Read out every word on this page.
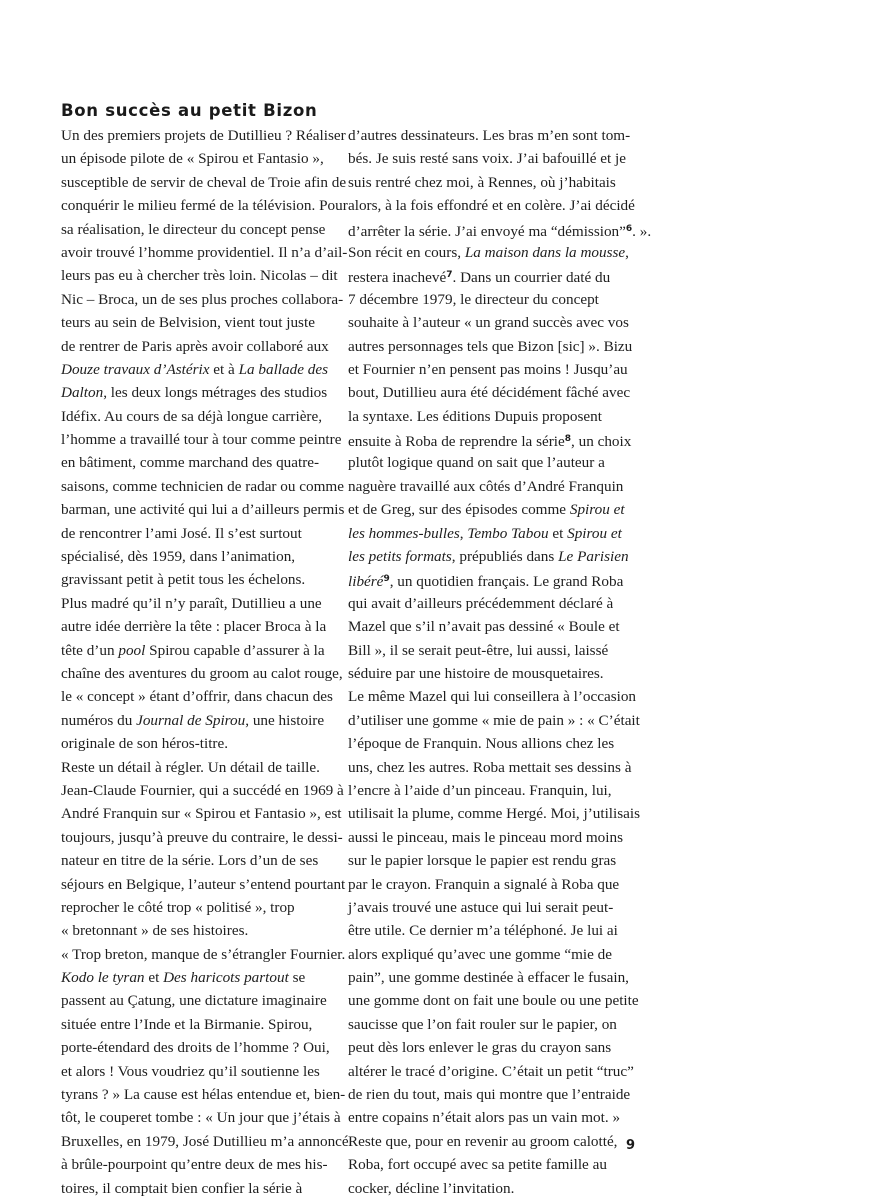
Bon succès au petit Bizon
Un des premiers projets de Dutillieu ? Réaliser
un épisode pilote de « Spirou et Fantasio »,
susceptible de servir de cheval de Troie afin de
conquérir le milieu fermé de la télévision. Pour
sa réalisation, le directeur du concept pense
avoir trouvé l’homme providentiel. Il n’a d’ail-
leurs pas eu à chercher très loin. Nicolas – dit
Nic – Broca, un de ses plus proches collabora-
teurs au sein de Belvision, vient tout juste
de rentrer de Paris après avoir collaboré aux
Douze travaux d’Astérix et à La ballade des
Dalton, les deux longs métrages des studios
Idéfix. Au cours de sa déjà longue carrière,
l’homme a travaillé tour à tour comme peintre
en bâtiment, comme marchand des quatre-
saisons, comme technicien de radar ou comme
barman, une activité qui lui a d’ailleurs permis
de rencontrer l’ami José. Il s’est surtout
spécialisé, dès 1959, dans l’animation,
gravissant petit à petit tous les échelons.
Plus madré qu’il n’y paraît, Dutillieu a une
autre idée derrière la tête : placer Broca à la
tête d’un pool Spirou capable d’assurer à la
chaîne des aventures du groom au calot rouge,
le « concept » étant d’offrir, dans chacun des
numéros du Journal de Spirou, une histoire
originale de son héros-titre.
Reste un détail à régler. Un détail de taille.
Jean-Claude Fournier, qui a succédé en 1969 à
André Franquin sur « Spirou et Fantasio », est
toujours, jusqu’à preuve du contraire, le dessi-
nateur en titre de la série. Lors d’un de ses
séjours en Belgique, l’auteur s’entend pourtant
reprocher le côté trop « politisé », trop
« bretonnant » de ses histoires.
« Trop breton, manque de s’étrangler Fournier.
Kodo le tyran et Des haricots partout se
passent au Çatung, une dictature imaginaire
située entre l’Inde et la Birmanie. Spirou,
porte-étendard des droits de l’homme ? Oui,
et alors ! Vous voudriez qu’il soutienne les
tyrans ? » La cause est hélas entendue et, bien-
tôt, le couperet tombe : « Un jour que j’étais à
Bruxelles, en 1979, José Dutillieu m’a annoncé
à brûle-pourpoint qu’entre deux de mes his-
toires, il comptait bien confier la série à
d’autres dessinateurs. Les bras m’en sont tom-
bés. Je suis resté sans voix. J’ai bafouillé et je
suis rentré chez moi, à Rennes, où j’habitais
alors, à la fois effondré et en colère. J’ai décidé
d’arrêter la série. J’ai envoyé ma “démission”$^6$. ».
Son récit en cours, La maison dans la mousse,
restera inachevé$^7$. Dans un courrier daté du
7 décembre 1979, le directeur du concept
souhaite à l’auteur « un grand succès avec vos
autres personnages tels que Bizon [sic] ». Bizu
et Fournier n’en pensent pas moins ! Jusqu’au
bout, Dutillieu aura été décidément fâché avec
la syntaxe. Les éditions Dupuis proposent
ensuite à Roba de reprendre la série$^8$, un choix
plutôt logique quand on sait que l’auteur a
naguère travaillé aux côtés d’André Franquin
et de Greg, sur des épisodes comme Spirou et
les hommes-bulles, Tembo Tabou et Spirou et
les petits formats, prépubliés dans Le Parisien
libéré$^9$, un quotidien français. Le grand Roba
qui avait d’ailleurs précédemment déclaré à
Mazel que s’il n’avait pas dessiné « Boule et
Bill », il se serait peut-être, lui aussi, laissé
séduire par une histoire de mousquetaires.
Le même Mazel qui lui conseillera à l’occasion
d’utiliser une gomme « mie de pain » : « C’était
l’époque de Franquin. Nous allions chez les
uns, chez les autres. Roba mettait ses dessins à
l’encre à l’aide d’un pinceau. Franquin, lui,
utilisait la plume, comme Hergé. Moi, j’utilisais
aussi le pinceau, mais le pinceau mord moins
sur le papier lorsque le papier est rendu gras
par le crayon. Franquin a signalé à Roba que
j’avais trouvé une astuce qui lui serait peut-
être utile. Ce dernier m’a téléphoné. Je lui ai
alors expliqué qu’avec une gomme “mie de
pain”, une gomme destinée à effacer le fusain,
une gomme dont on fait une boule ou une petite
saucisse que l’on fait rouler sur le papier, on
peut dès lors enlever le gras du crayon sans
altérer le tracé d’origine. C’était un petit “truc”
de rien du tout, mais qui montre que l’entraide
entre copains n’était alors pas un vain mot. »
Reste que, pour en revenir au groom calotté,
Roba, fort occupé avec sa petite famille au
cocker, décline l’invitation.
9
